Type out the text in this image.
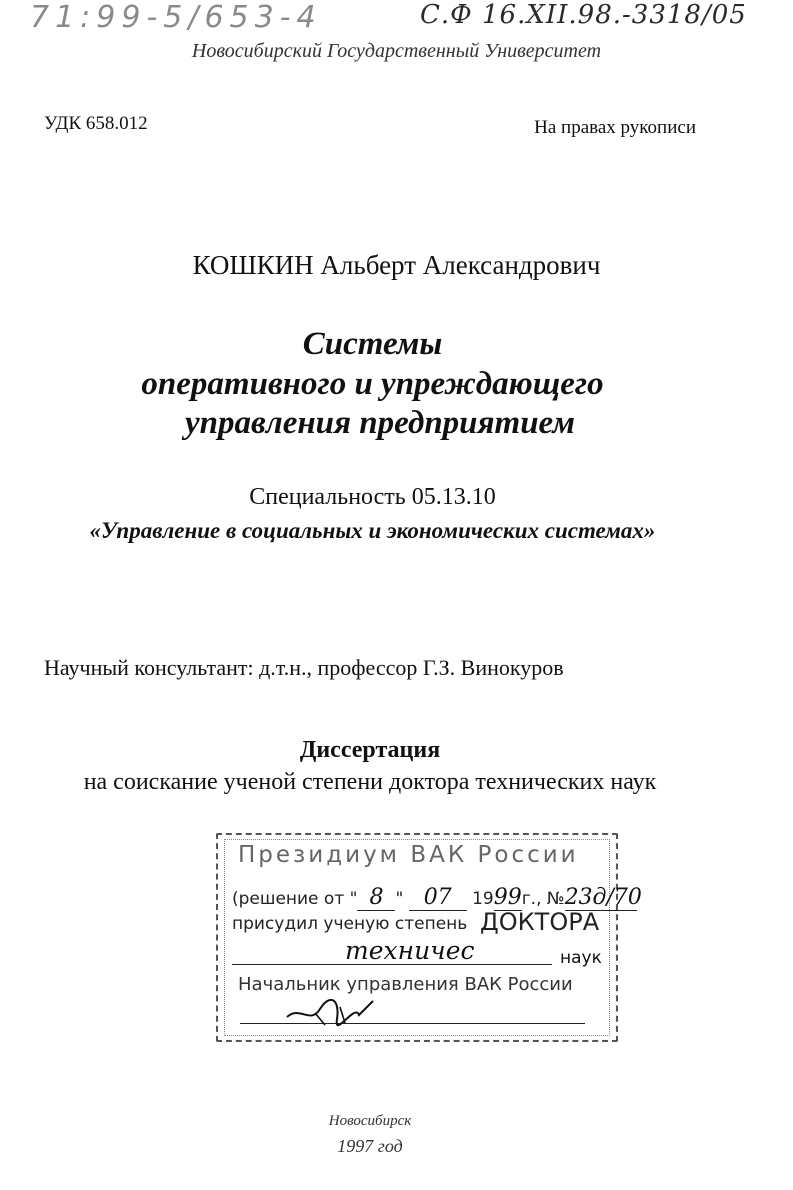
71:99-5/653-4	С.Ф 16.XII.98.-3318/05
Новосибирский Государственный Университет
УДК 658.012	На правах рукописи
КОШКИН Альберт Александрович
Системы
оперативного и упреждающего
управления предприятием
Специальность 05.13.10
«Управление в социальных и экономических системах»
Научный консультант: д.т.н., профессор Г.З. Винокуров
Диссертация
на соискание ученой степени доктора технических наук
Президиум ВАК России
(решение от " 8 " 07 1999г., №23д/70
присудил ученую степень ДОКТОРА
техничес	наук
Начальник управления ВАК России
Новосибирск
1997 год
